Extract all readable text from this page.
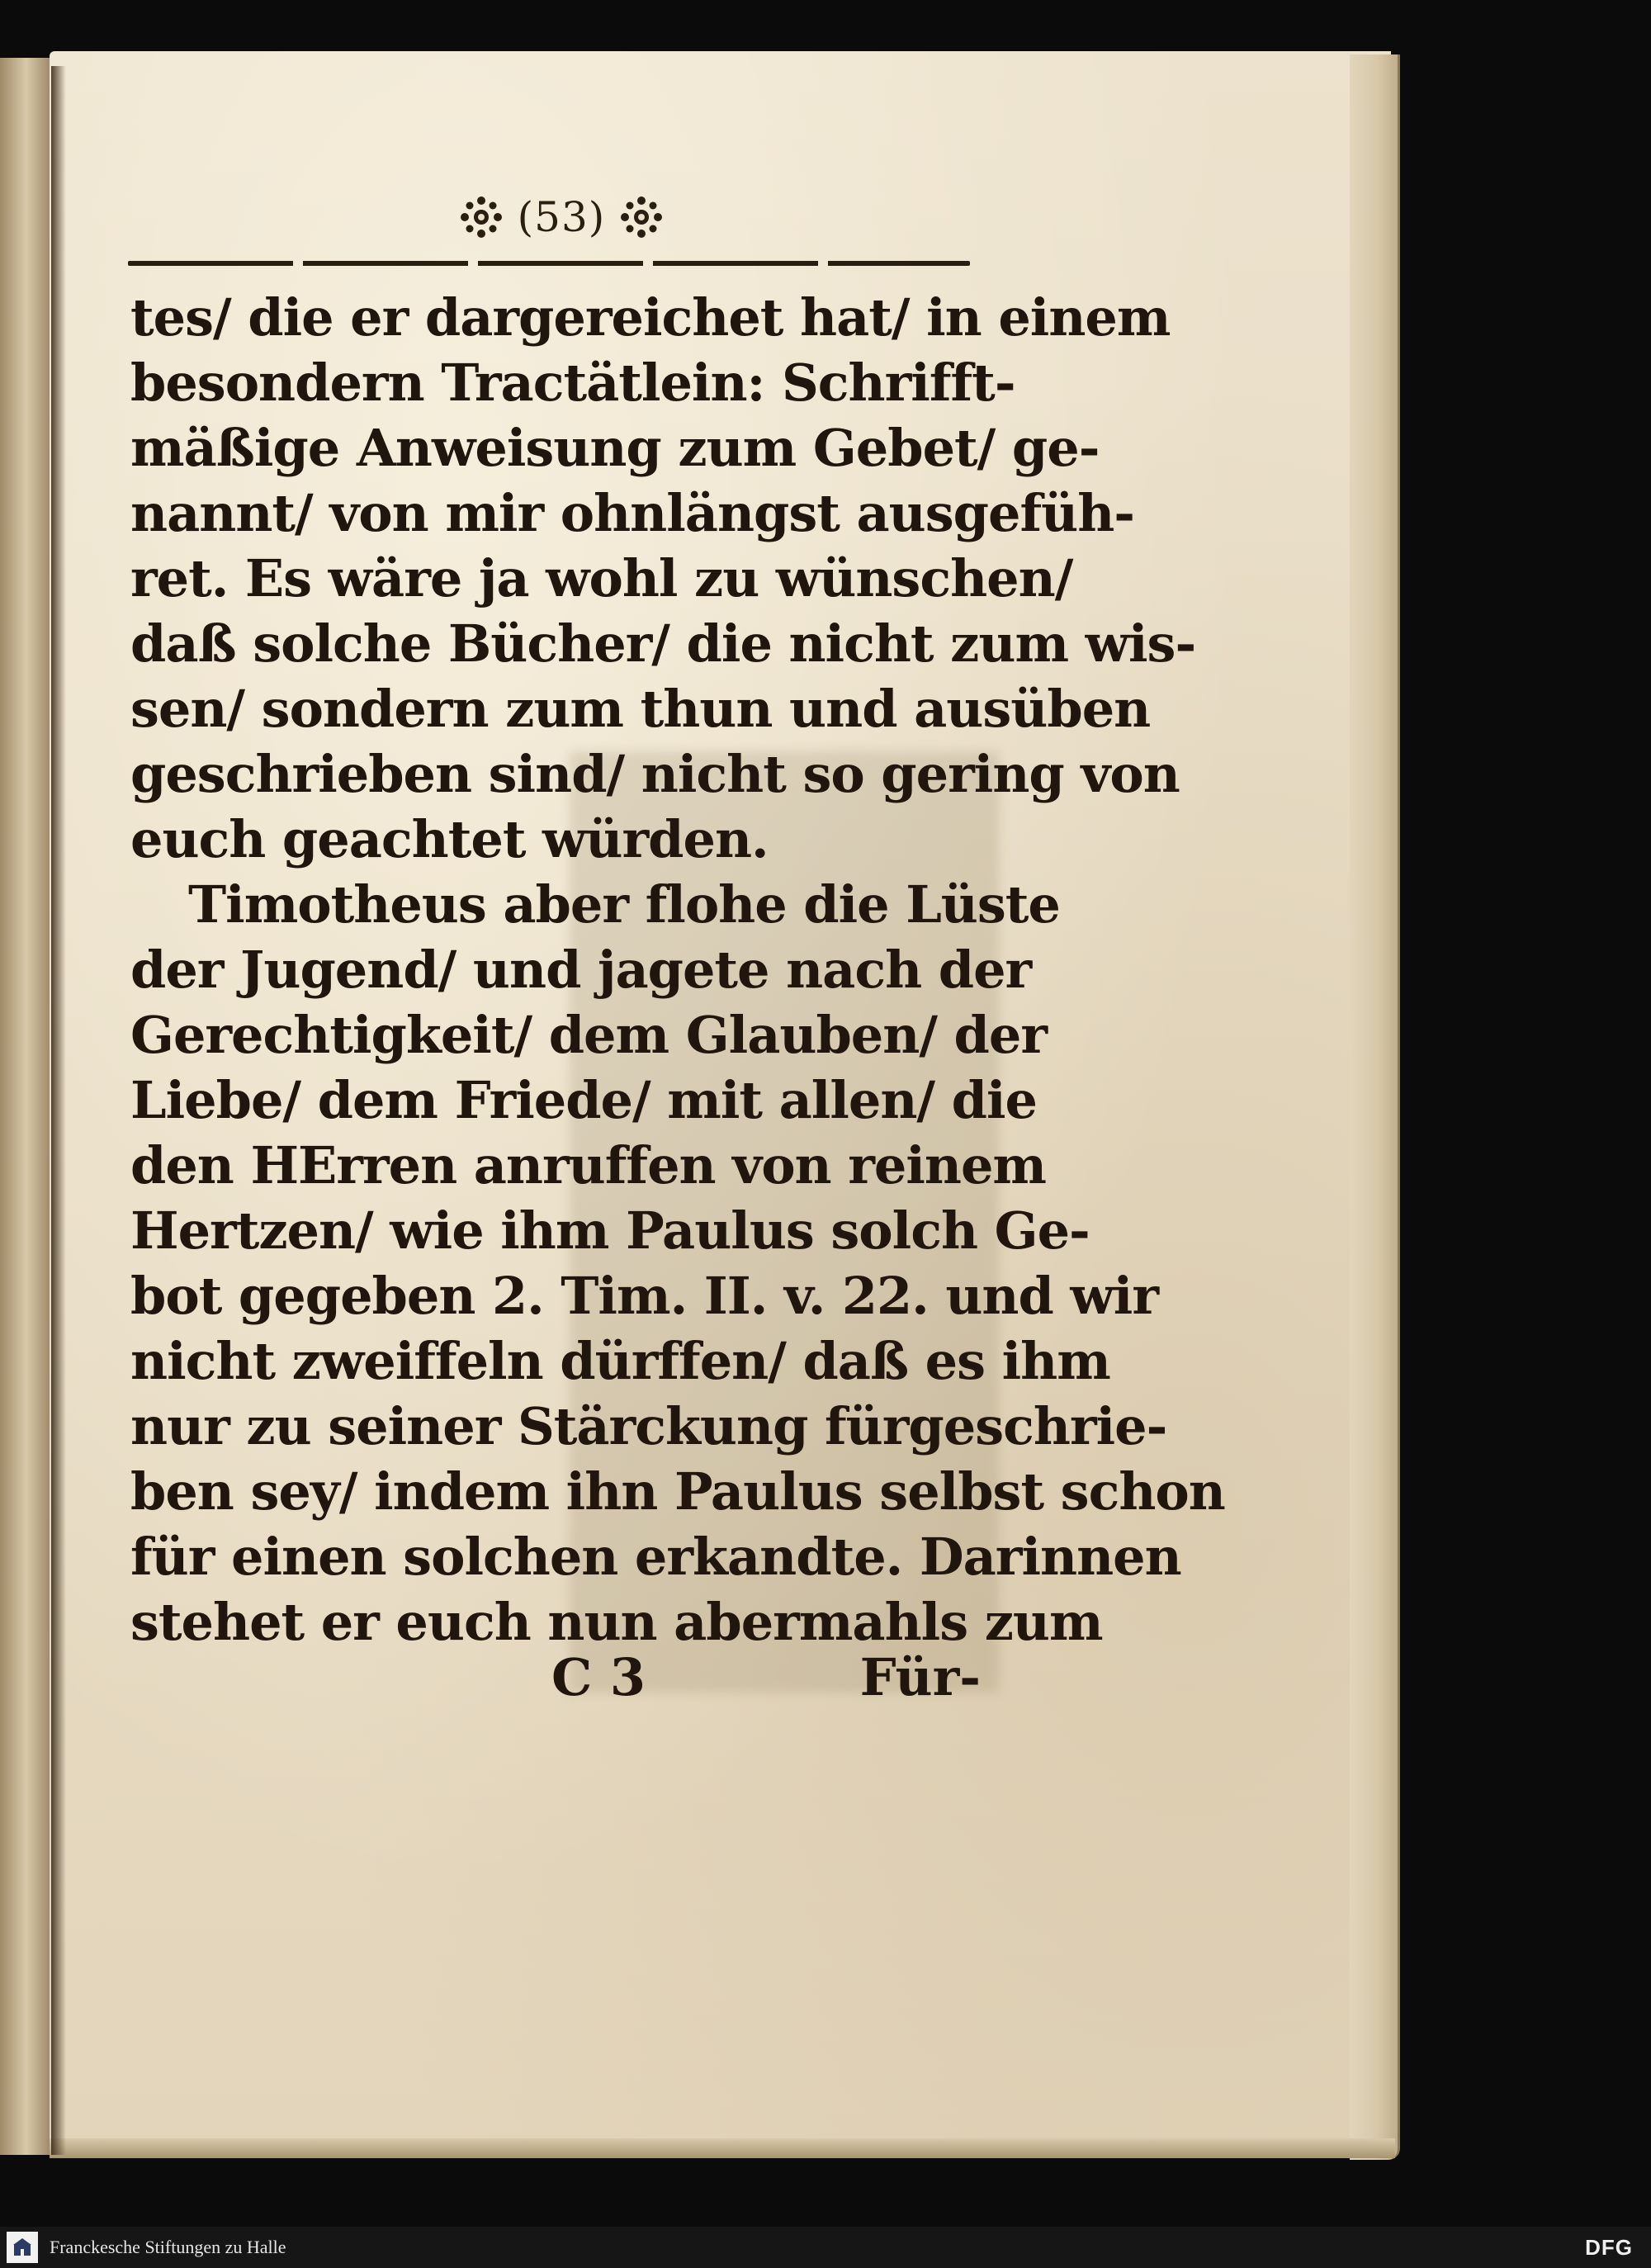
(53)
tes/ die er dargereichet hat/ in einem
besondern Tractätlein: Schrifft-
mäßige Anweisung zum Gebet/ ge-
nannt/ von mir ohnlängst ausgefüh-
ret. Es wäre ja wohl zu wünschen/
daß solche Bücher/ die nicht zum wis-
sen/ sondern zum thun und ausüben
geschrieben sind/ nicht so gering von
euch geachtet würden.
Timotheus aber flohe die Lüste
der Jugend/ und jagete nach der
Gerechtigkeit/ dem Glauben/ der
Liebe/ dem Friede/ mit allen/ die
den HErren anruffen von reinem
Hertzen/ wie ihm Paulus solch Ge-
bot gegeben 2. Tim. II. v. 22. und wir
nicht zweiffeln dürffen/ daß es ihm
nur zu seiner Stärckung fürgeschrie-
ben sey/ indem ihn Paulus selbst schon
für einen solchen erkandte. Darinnen
stehet er euch nun abermahls zum
C 3	Für-
Franckesche Stiftungen zu Halle	DFG
